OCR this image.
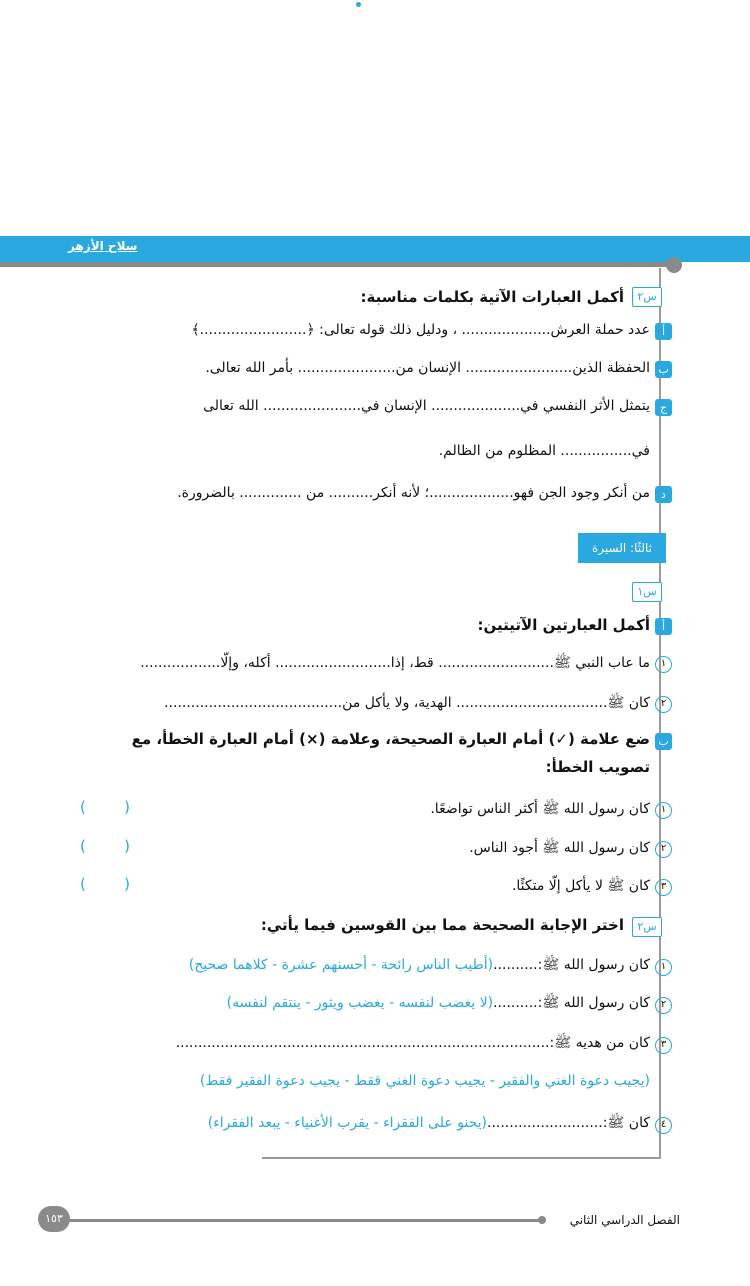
سلاح الأزهر
س٢
أكمل العبارات الآتية بكلمات مناسبة:
أ
عدد حملة العرش.................... ، ودليل ذلك قوله تعالى: ﴿........................﴾
ب
الحفظة الذين........................ الإنسان من...................... بأمر الله تعالى.
ج
يتمثل الأثر النفسي في.................... الإنسان في...................... الله تعالى
في................ المظلوم من الظالم.
د
من أنكر وجود الجن فهو...................؛ لأنه أنكر.......... من .............. بالضرورة.
ثالثًا: السيرة
س١
أ
أكمل العبارتين الآتيتين:
١
ما عاب النبي ﷺ.......................... قط، إذا.......................... أكله، وإلّا..................
٢
كان ﷺ.................................. الهدية، ولا يأكل من........................................
ب
ضع علامة (✓) أمام العبارة الصحيحة، وعلامة (×) أمام العبارة الخطأ، مع
تصويب الخطأ:
١
كان رسول الله ﷺ أكثر الناس تواضعًا.
(	)
٢
كان رسول الله ﷺ أجود الناس.
(	)
٣
كان ﷺ لا يأكل إلّا متكئًا.
(	)
س٢
اختر الإجابة الصحيحة مما بين القوسين فيما يأتي:
١
كان رسول الله ﷺ:..........(أطيب الناس رائحة - أحسنهم عشرة - كلاهما صحيح)
٢
كان رسول الله ﷺ:..........(لا يغضب لنفسه - يغضب ويثور - ينتقم لنفسه)
٣
كان من هديه ﷺ:....................................................................................
(يجيب دعوة الغني والفقير - يجيب دعوة الغني فقط - يجيب دعوة الفقير فقط)
٤
كان ﷺ:..........................(يحنو على الفقراء - يقرب الأغنياء - يبعد الفقراء)
١٥٣	الفصل الدراسي الثاني
